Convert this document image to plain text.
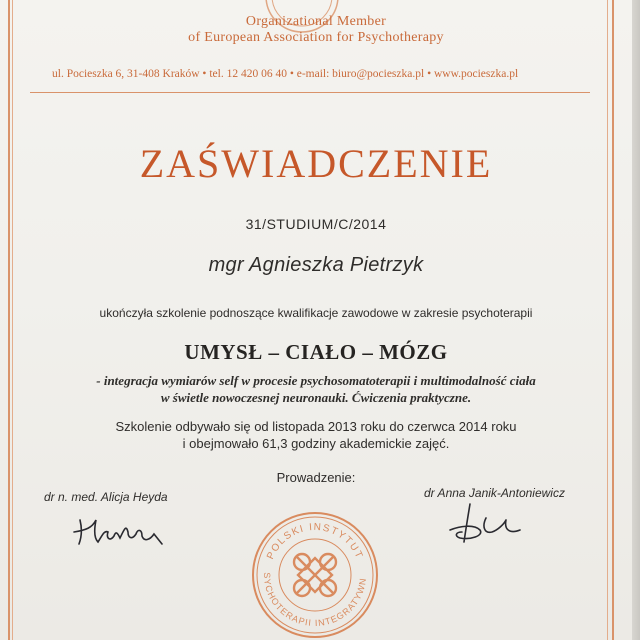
Organizational Member
of European Association for Psychotherapy
ul. Pocieszka 6, 31-408 Kraków • tel. 12 420 06 40 • e-mail: biuro@pocieszka.pl • www.pocieszka.pl
ZAŚWIADCZENIE
31/STUDIUM/C/2014
mgr Agnieszka Pietrzyk
ukończyła szkolenie podnoszące kwalifikacje zawodowe w zakresie psychoterapii
UMYSŁ – CIAŁO – MÓZG
- integracja wymiarów self w procesie psychosomatoterapii i multimodalność ciała
w świetle nowoczesnej neuronauki. Ćwiczenia praktyczne.
Szkolenie odbywało się od listopada 2013 roku do czerwca 2014 roku
i obejmowało 61,3 godziny akademickie zajęć.
Prowadzenie:
dr n. med. Alicja Heyda	dr Anna Janik-Antoniewicz
POLSKI INSTYTUT
SYCHOTERAPII INTEGRATYWN
